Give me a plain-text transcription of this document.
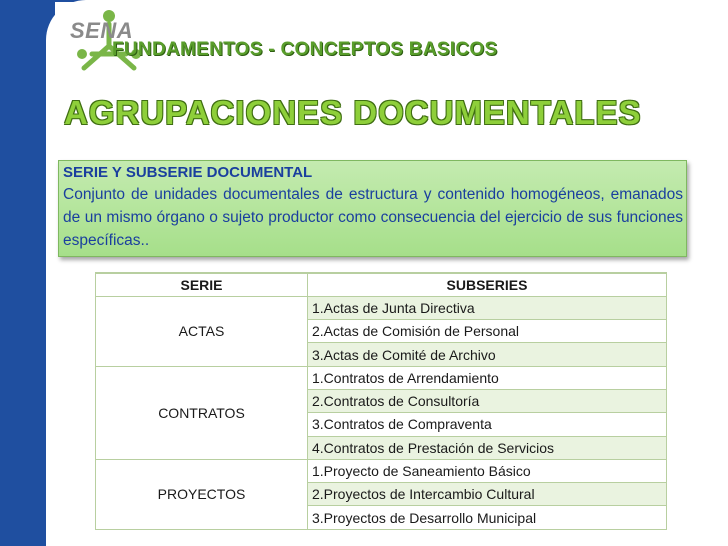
SENA
FUNDAMENTOS - CONCEPTOS BASICOS
AGRUPACIONES DOCUMENTALES
SERIE Y SUBSERIE DOCUMENTAL
Conjunto de unidades documentales de estructura y contenido homogéneos, emanados de un mismo órgano o sujeto productor como consecuencia del ejercicio de sus funciones específicas..
SERIE	SUBSERIES
ACTAS	1.Actas de Junta Directiva
	2.Actas de Comisión de Personal
	3.Actas de Comité de Archivo
CONTRATOS	1.Contratos de Arrendamiento
	2.Contratos de Consultoría
	3.Contratos de Compraventa
	4.Contratos de Prestación de Servicios
PROYECTOS	1.Proyecto de Saneamiento Básico
	2.Proyectos de Intercambio Cultural
	3.Proyectos de Desarrollo Municipal
